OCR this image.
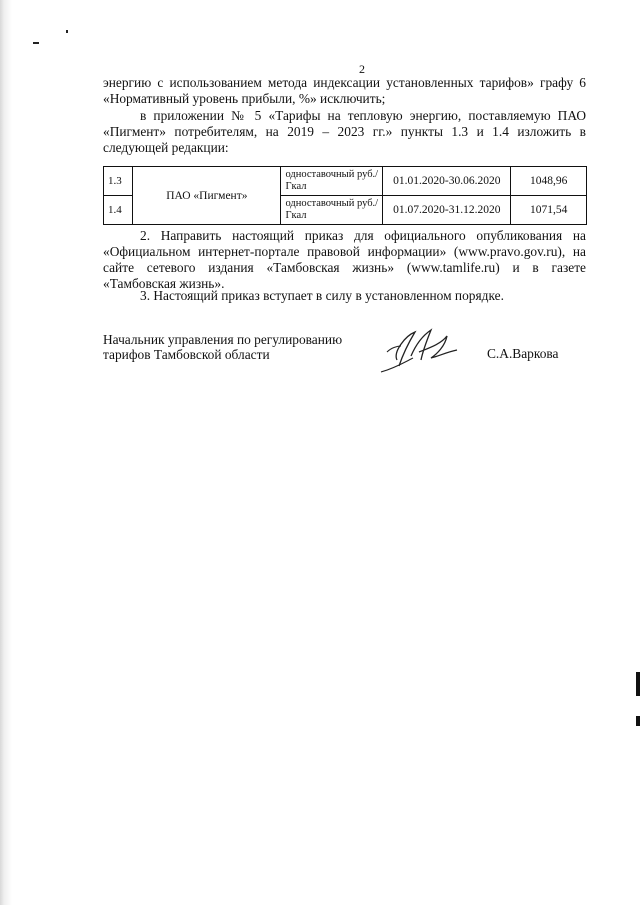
2
энергию с использованием метода индексации установленных тарифов» графу 6 «Нормативный уровень прибыли, %» исключить;
в приложении № 5 «Тарифы на тепловую энергию, поставляемую ПАО «Пигмент» потребителям, на 2019 – 2023 гг.» пункты 1.3 и 1.4 изложить в следующей редакции:
1.3	ПАО «Пигмент»	одноставочный руб./Гкал	01.01.2020-30.06.2020	1048,96
1.4		одноставочный руб./Гкал	01.07.2020-31.12.2020	1071,54
2. Направить настоящий приказ для официального опубликования на «Официальном интернет-портале правовой информации» (www.pravo.gov.ru), на сайте сетевого издания «Тамбовская жизнь» (www.tamlife.ru) и в газете «Тамбовская жизнь».
3. Настоящий приказ вступает в силу в установленном порядке.
Начальник управления по регулированию
тарифов Тамбовской области	С.А.Варкова
